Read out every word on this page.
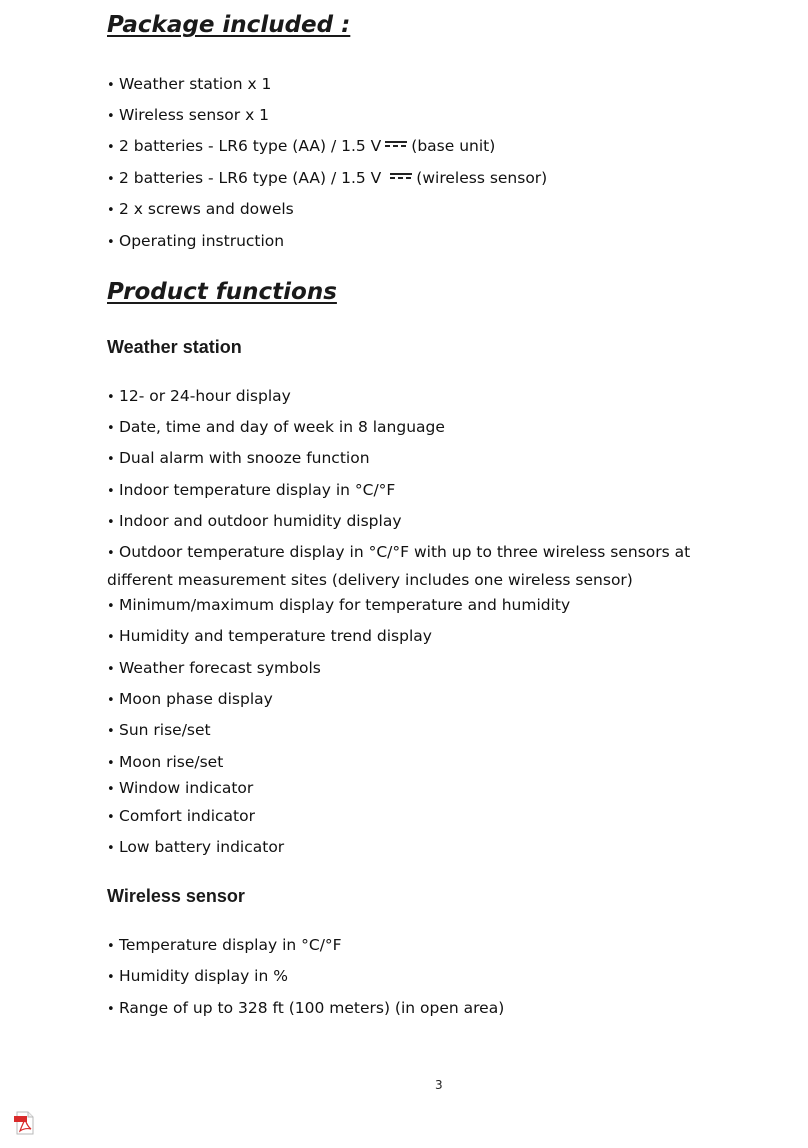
Package included :
• Weather station x 1
• Wireless sensor x 1
• 2 batteries - LR6 type (AA) / 1.5 V (base unit)
• 2 batteries - LR6 type (AA) / 1.5 V (wireless sensor)
• 2 x screws and dowels
• Operating instruction
Product functions
Weather station
• 12- or 24-hour display
• Date, time and day of week in 8 language
• Dual alarm with snooze function
• Indoor temperature display in °C/°F
• Indoor and outdoor humidity display
• Outdoor temperature display in °C/°F with up to three wireless sensors at different measurement sites (delivery includes one wireless sensor)
• Minimum/maximum display for temperature and humidity
• Humidity and temperature trend display
• Weather forecast symbols
• Moon phase display
• Sun rise/set
• Moon rise/set
• Window indicator
• Comfort indicator
• Low battery indicator
Wireless sensor
• Temperature display in °C/°F
• Humidity display in %
• Range of up to 328 ft (100 meters) (in open area)
3
